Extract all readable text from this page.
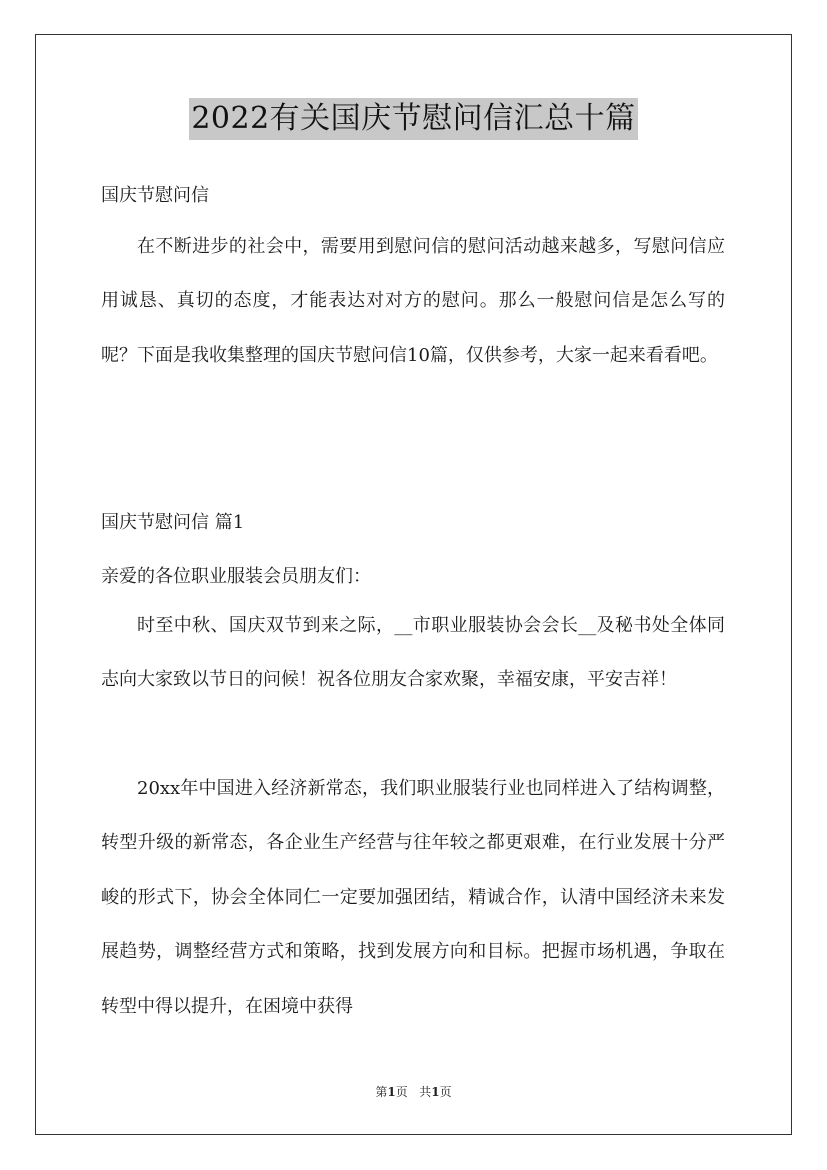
2022有关国庆节慰问信汇总十篇
国庆节慰问信
在不断进步的社会中，需要用到慰问信的慰问活动越来越多，写慰问信应用诚恳、真切的态度，才能表达对对方的慰问。那么一般慰问信是怎么写的呢？下面是我收集整理的国庆节慰问信10篇，仅供参考，大家一起来看看吧。
国庆节慰问信 篇1
亲爱的各位职业服装会员朋友们：
时至中秋、国庆双节到来之际，__市职业服装协会会长__及秘书处全体同志向大家致以节日的问候！祝各位朋友合家欢聚，幸福安康，平安吉祥！
20xx年中国进入经济新常态，我们职业服装行业也同样进入了结构调整，转型升级的新常态，各企业生产经营与往年较之都更艰难，在行业发展十分严峻的形式下，协会全体同仁一定要加强团结，精诚合作，认清中国经济未来发展趋势，调整经营方式和策略，找到发展方向和目标。把握市场机遇，争取在转型中得以提升，在困境中获得
第1页 共1页
